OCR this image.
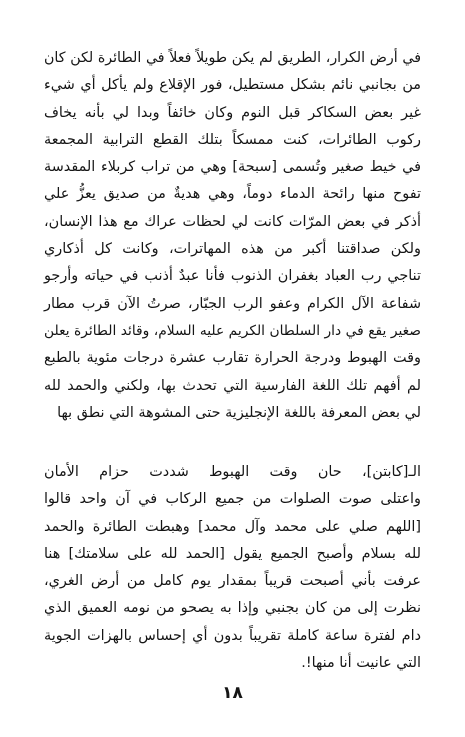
في أرض الكرار، الطريق لم يكن طويلاً فعلاً في الطائرة لكن كان
من بجانبي نائم بشكل مستطيل، فور الإقلاع ولم يأكل أي شيء
غير بعض السكاكر قبل النوم وكان خائفاً وبدا لي بأنه يخاف
ركوب الطائرات، كنت ممسكاً بتلك القطع الترابية المجمعة
في خيط صغير وتُسمى [سبحة] وهي من تراب كربلاء المقدسة
تفوح منها رائحة الدماء دوماً، وهي هديةٌ من صديق يعزُّ علي
أذكر في بعض المرّات كانت لي لحظات عراك مع هذا الإنسان،
ولكن صداقتنا أكبر من هذه المهاترات، وكانت كل أذكاري
تناجي رب العباد بغفران الذنوب فأنا عبدٌ أذنب في حياته وأرجو
شفاعة الآل الكرام وعفو الرب الجبّار، صرتُ الآن قرب مطار
صغير يقع في دار السلطان الكريم عليه السلام، وقائد الطائرة يعلن
وقت الهبوط ودرجة الحرارة تقارب عشرة درجات مئوية بالطبع
لم أفهم تلك اللغة الفارسية التي تحدث بها، ولكني والحمد لله
لي بعض المعرفة باللغة الإنجليزية حتى المشوهة التي نطق بها
الـ[كابتن]، حان وقت الهبوط شددت حزام الأمان
واعتلى صوت الصلوات من جميع الركاب في آن واحد قالوا
[اللهم صلي على محمد وآل محمد] وهبطت الطائرة والحمد
لله بسلام وأصبح الجميع يقول [الحمد لله على سلامتك] هنا
عرفت بأني أصبحت قريباً بمقدار يوم كامل من أرض الغري،
نظرت إلى من كان بجنبي وإذا به يصحو من نومه العميق الذي
دام لفترة ساعة كاملة تقريباً بدون أي إحساس بالهزات الجوية
التي عانيت أنا منها!.
١٨
